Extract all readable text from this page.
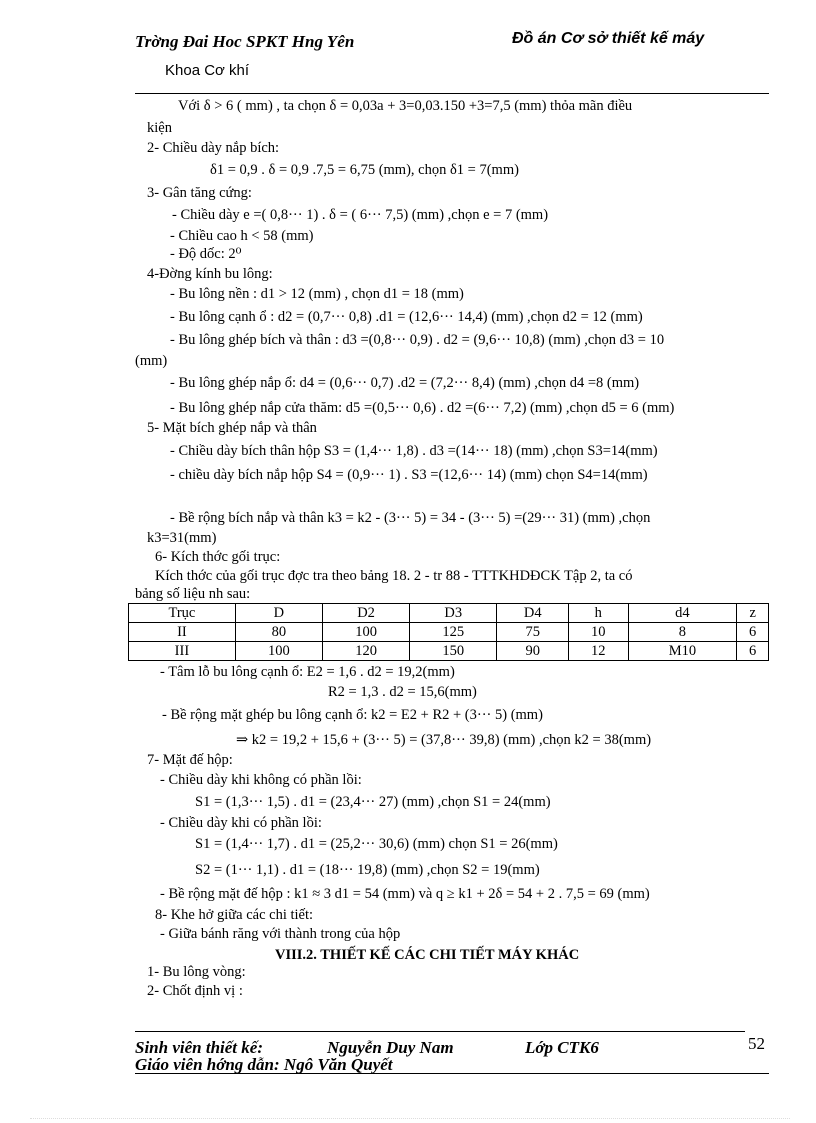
Trờng Đai Hoc SPKT Hng Yên	Đồ án Cơ sở thiết kế máy
Khoa Cơ khí
Với δ > 6 ( mm) , ta chọn δ = 0,03a + 3=0,03.150 +3=7,5 (mm) thỏa mãn điều
kiện
2- Chiều dày nắp bích:
δ1 = 0,9 . δ = 0,9 .7,5 = 6,75 (mm), chọn δ1 = 7(mm)
3- Gân tăng cứng:
- Chiều dày e =( 0,8··· 1) . δ = ( 6··· 7,5) (mm) ,chọn e = 7 (mm)
- Chiều cao h < 58 (mm)
- Độ dốc: 2⁰
4-Đờng kính bu lông:
- Bu lông nền : d1 > 12 (mm) , chọn d1 = 18 (mm)
- Bu lông cạnh ổ : d2 = (0,7··· 0,8) .d1 = (12,6··· 14,4) (mm) ,chọn d2 = 12 (mm)
- Bu lông ghép bích và thân : d3 =(0,8··· 0,9) . d2 = (9,6··· 10,8) (mm) ,chọn d3 = 10
(mm)
- Bu lông ghép nắp ổ: d4 = (0,6··· 0,7) .d2 = (7,2··· 8,4) (mm) ,chọn d4 =8 (mm)
- Bu lông ghép nắp cửa thăm: d5 =(0,5··· 0,6) . d2 =(6··· 7,2) (mm) ,chọn d5 = 6 (mm)
5- Mặt bích ghép nắp và thân
- Chiều dày bích thân hộp S3 = (1,4··· 1,8) . d3 =(14··· 18) (mm) ,chọn S3=14(mm)
- chiều dày bích nắp hộp S4 = (0,9··· 1) . S3 =(12,6··· 14) (mm) chọn S4=14(mm)
- Bề rộng bích nắp và thân k3 = k2 - (3··· 5) = 34 - (3··· 5) =(29··· 31) (mm) ,chọn
k3=31(mm)
6- Kích thớc gối trục:
Kích thớc của gối trục đợc tra theo bảng 18. 2 - tr 88 - TTTKHDĐCK Tập 2, ta có
bảng số liệu nh sau:
Trục	D	D2	D3	D4	h	d4	z
II	80	100	125	75	10	8	6
III	100	120	150	90	12	M10	6
- Tâm lỗ bu lông cạnh ổ: E2 = 1,6 . d2 = 19,2(mm)
R2 = 1,3 . d2 = 15,6(mm)
- Bề rộng mặt ghép bu lông cạnh ổ: k2 = E2 + R2 + (3··· 5) (mm)
⇒ k2 = 19,2 + 15,6 + (3··· 5) = (37,8··· 39,8) (mm) ,chọn k2 = 38(mm)
7- Mặt đế hộp:
- Chiều dày khi không có phần lồi:
S1 = (1,3··· 1,5) . d1 = (23,4··· 27) (mm) ,chọn S1 = 24(mm)
- Chiều dày khi có phần lồi:
S1 = (1,4··· 1,7) . d1 = (25,2··· 30,6) (mm) chọn S1 = 26(mm)
S2 = (1··· 1,1) . d1 = (18··· 19,8) (mm) ,chọn S2 = 19(mm)
- Bề rộng mặt đế hộp : k1 ≈ 3 d1 = 54 (mm) và q ≥ k1 + 2δ = 54 + 2 . 7,5 = 69 (mm)
8- Khe hở giữa các chi tiết:
- Giữa bánh răng với thành trong của hộp
VIII.2. THIẾT KẾ CÁC CHI TIẾT MÁY KHÁC
1- Bu lông vòng:
2- Chốt định vị :
Sinh viên thiết kế:	Nguyễn Duy Nam	Lớp CTK6
Giáo viên hớng dẫn: Ngô Văn Quyết
52
